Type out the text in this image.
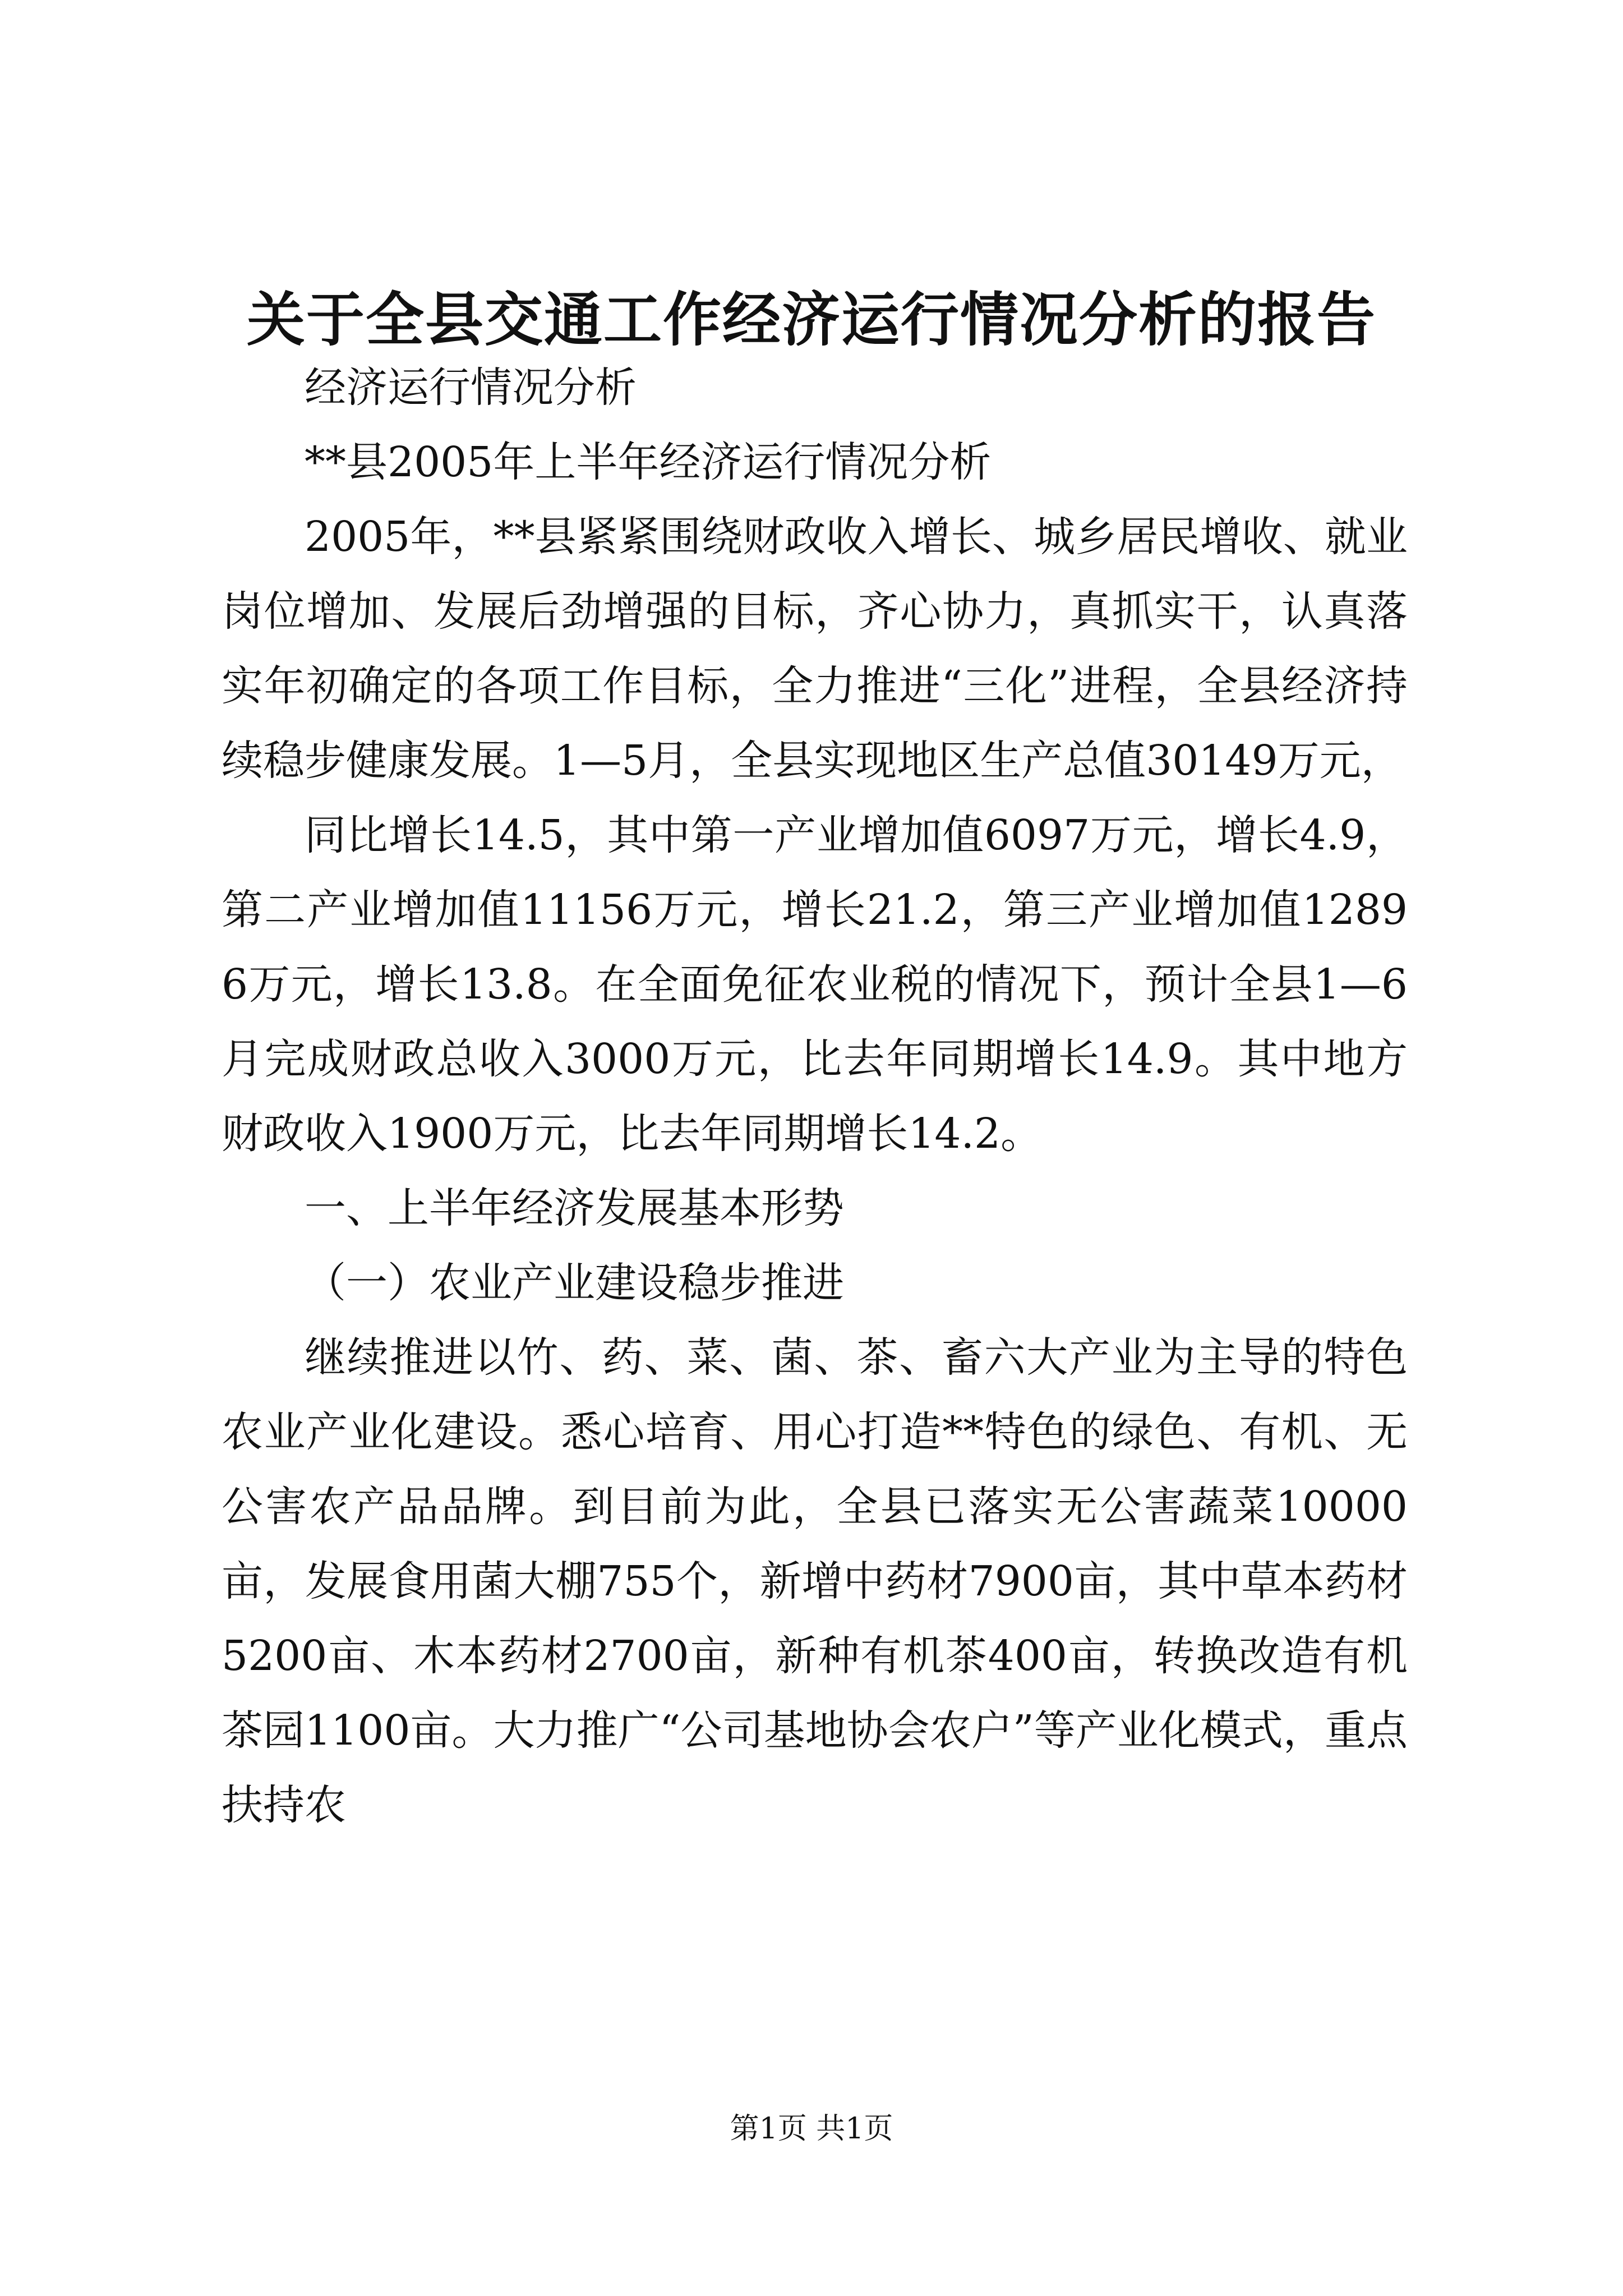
关于全县交通工作经济运行情况分析的报告

经济运行情况分析

**县2005年上半年经济运行情况分析

2005年，**县紧紧围绕财政收入增长、城乡居民增收、就业岗位增加、发展后劲增强的目标，齐心协力，真抓实干，认真落实年初确定的各项工作目标，全力推进“三化”进程，全县经济持续稳步健康发展。1—5月，全县实现地区生产总值30149万元，

同比增长14.5，其中第一产业增加值6097万元，增长4.9，第二产业增加值11156万元，增长21.2，第三产业增加值12896万元，增长13.8。在全面免征农业税的情况下，预计全县1—6月完成财政总收入3000万元，比去年同期增长14.9。其中地方财政收入1900万元，比去年同期增长14.2。

一、上半年经济发展基本形势

（一）农业产业建设稳步推进

继续推进以竹、药、菜、菌、茶、畜六大产业为主导的特色农业产业化建设。悉心培育、用心打造**特色的绿色、有机、无公害农产品品牌。到目前为此，全县已落实无公害蔬菜10000亩，发展食用菌大棚755个，新增中药材7900亩，其中草本药材5200亩、木本药材2700亩，新种有机茶400亩，转换改造有机茶园1100亩。大力推广“公司基地协会农户”等产业化模式，重点扶持农

第1页 共1页
